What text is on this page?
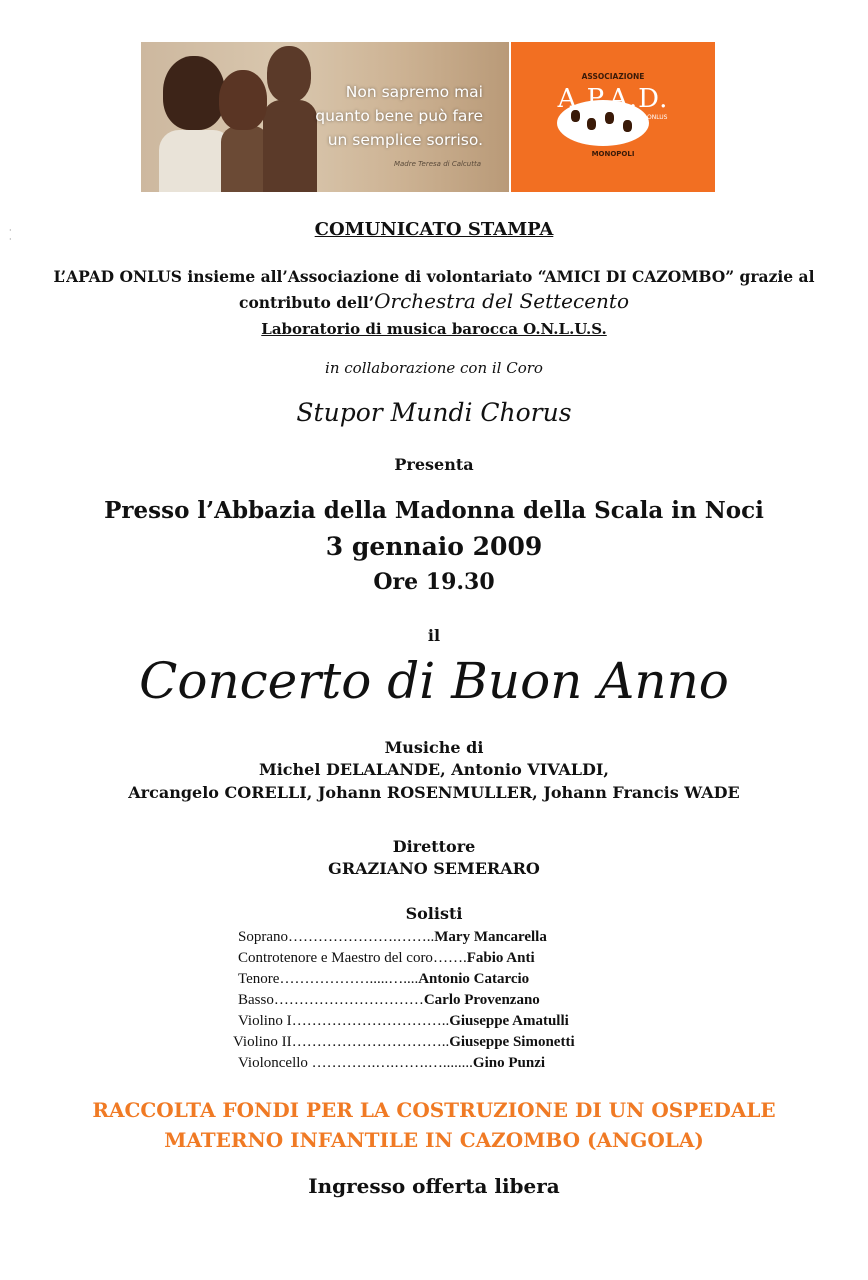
·
·
Non sapremo mai
quanto bene può fare
un semplice sorriso.
Madre Teresa di Calcutta
ASSOCIAZIONE
A.P.A.D.
ONLUS
MONOPOLI
COMUNICATO STAMPA
L’APAD ONLUS insieme all’Associazione di volontariato “AMICI DI CAZOMBO” grazie al
contributo dell’Orchestra del Settecento
Laboratorio di musica barocca O.N.L.U.S.
in collaborazione con il Coro
Stupor Mundi Chorus
Presenta
Presso l’Abbazia della Madonna della Scala in Noci
3 gennaio 2009
Ore 19.30
il
Concerto di Buon Anno
Musiche di
Michel DELALANDE, Antonio VIVALDI,
Arcangelo CORELLI, Johann ROSENMULLER, Johann Francis WADE
Direttore
GRAZIANO SEMERARO
Solisti
Soprano………………….……..Mary Mancarella
Controtenore e Maestro del coro…….Fabio Anti
Tenore……………….....…....Antonio Catarcio
Basso…………………………Carlo Provenzano
Violino I…………………………..Giuseppe Amatulli
Violino II…………………………..Giuseppe Simonetti
Violoncello ………….….…….…........Gino Punzi
RACCOLTA FONDI PER LA COSTRUZIONE DI UN OSPEDALE
MATERNO INFANTILE IN CAZOMBO (ANGOLA)
Ingresso offerta libera
